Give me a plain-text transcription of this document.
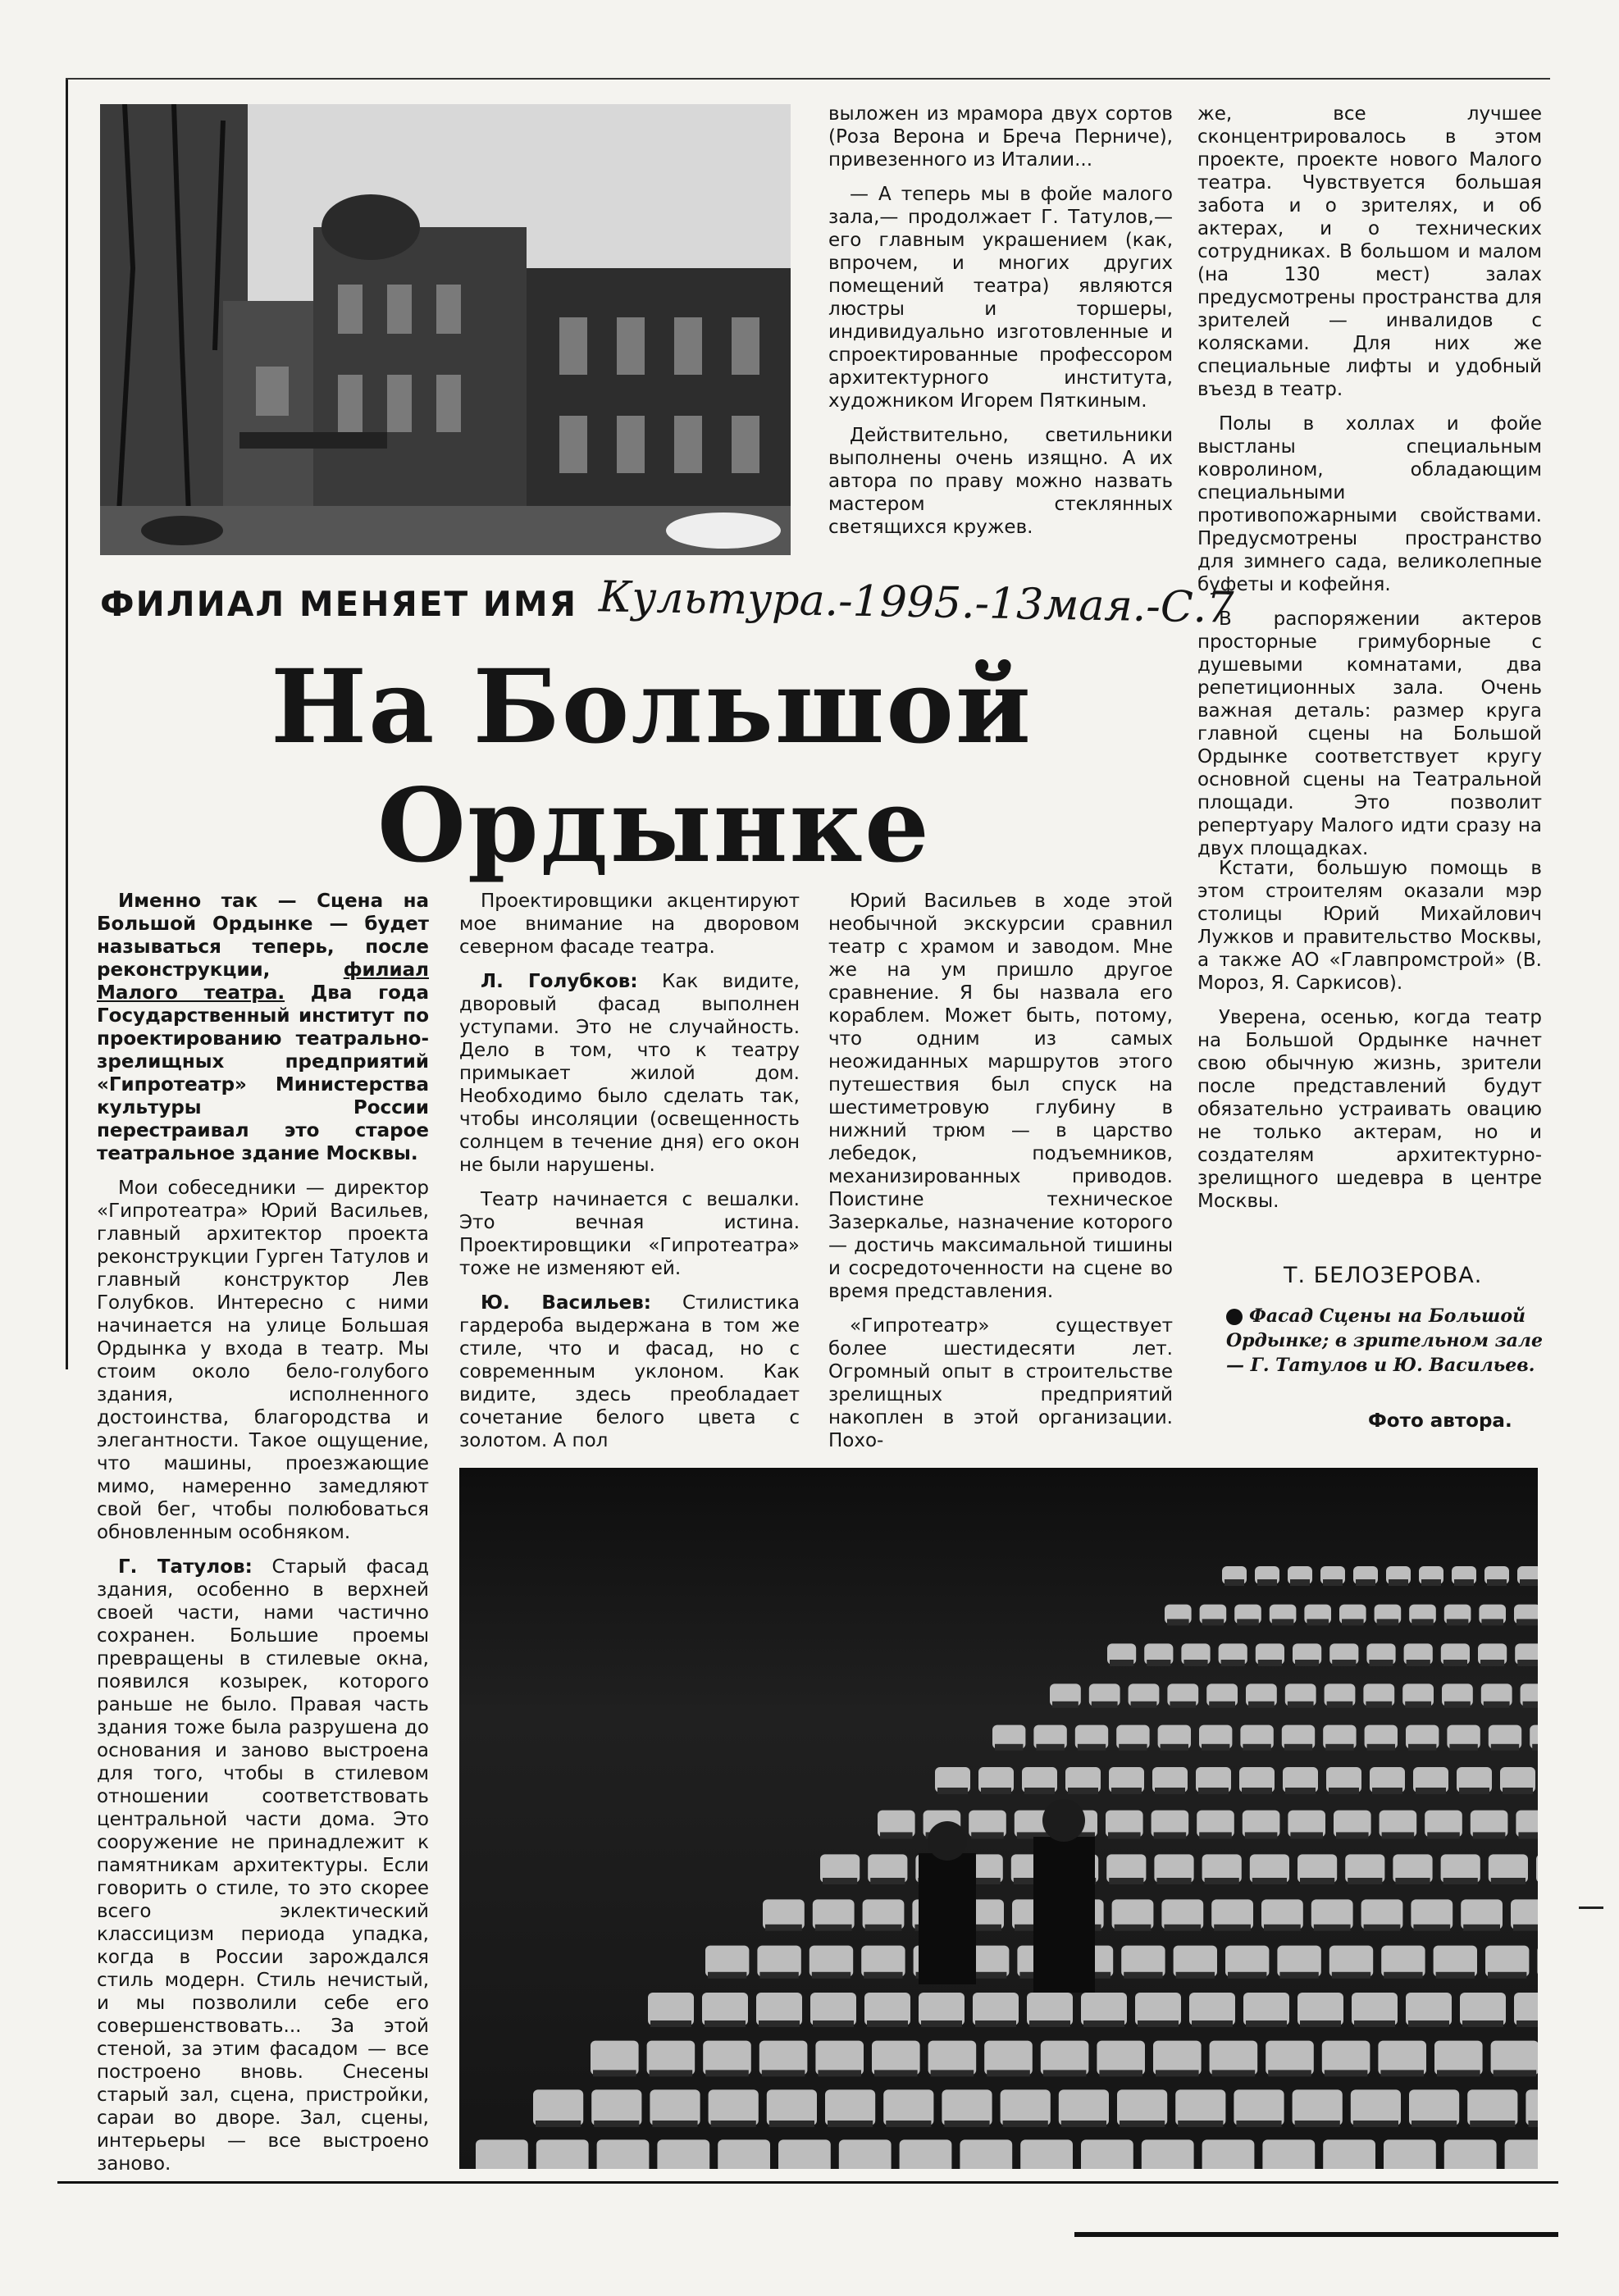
выложен из мрамора двух сортов (Роза Верона и Бреча Перниче), привезенного из Италии...

— А теперь мы в фойе малого зала,— продолжает Г. Татулов,— его главным украшением (как, впрочем, и многих других помещений театра) являются люстры и торшеры, индивидуально изготовленные и спроектированные профессором архитектурного института, художником Игорем Пяткиным.

Действительно, светильники выполнены очень изящно. А их автора по праву можно назвать мастером стеклянных светящихся кружев.

же, все лучшее сконцентрировалось в этом проекте, проекте нового Малого театра. Чувствуется большая забота и о зрителях, и об актерах, и о технических сотрудниках. В большом и малом (на 130 мест) залах предусмотрены пространства для зрителей — инвалидов с колясками. Для них же специальные лифты и удобный въезд в театр.

Полы в холлах и фойе выстланы специальным ковролином, обладающим специальными противопожарными свойствами. Предусмотрены пространство для зимнего сада, великолепные буфеты и кофейня.

В распоряжении актеров просторные гримуборные с душевыми комнатами, два репетиционных зала. Очень важная деталь: размер круга главной сцены на Большой Ордынке соответствует кругу основной сцены на Театральной площади. Это позволит репертуару Малого идти сразу на двух площадках.

ФИЛИАЛ МЕНЯЕТ ИМЯ Культура.-1995.-13мая.-С.7
На Большой
Ордынке

Именно так — Сцена на Большой Ордынке — будет называться теперь, после реконструкции, филиал Малого театра. Два года Государственный институт по проектированию театрально-зрелищных предприятий «Гипротеатр» Министерства культуры России перестраивал это старое театральное здание Москвы.

Мои собеседники — директор «Гипротеатра» Юрий Васильев, главный архитектор проекта реконструкции Гурген Татулов и главный конструктор Лев Голубков. Интересно с ними начинается на улице Большая Ордынка у входа в театр. Мы стоим около бело-голубого здания, исполненного достоинства, благородства и элегантности. Такое ощущение, что машины, проезжающие мимо, намеренно замедляют свой бег, чтобы полюбоваться обновленным особняком.

Г. Татулов: Старый фасад здания, особенно в верхней своей части, нами частично сохранен. Большие проемы превращены в стилевые окна, появился козырек, которого раньше не было. Правая часть здания тоже была разрушена до основания и заново выстроена для того, чтобы в стилевом отношении соответствовать центральной части дома. Это сооружение не принадлежит к памятникам архитектуры. Если говорить о стиле, то это скорее всего эклектический классицизм периода упадка, когда в России зарождался стиль модерн. Стиль нечистый, и мы позволили себе его совершенствовать... За этой стеной, за этим фасадом — все построено вновь. Снесены старый зал, сцена, пристройки, сараи во дворе. Зал, сцены, интерьеры — все выстроено заново.

Проектировщики акцентируют мое внимание на дворовом северном фасаде театра.

Л. Голубков: Как видите, дворовый фасад выполнен уступами. Это не случайность. Дело в том, что к театру примыкает жилой дом. Необходимо было сделать так, чтобы инсоляции (освещенность солнцем в течение дня) его окон не были нарушены.

Театр начинается с вешалки. Это вечная истина. Проектировщики «Гипротеатра» тоже не изменяют ей.

Ю. Васильев: Стилистика гардероба выдержана в том же стиле, что и фасад, но с современным уклоном. Как видите, здесь преобладает сочетание белого цвета с золотом. А пол

Юрий Васильев в ходе этой необычной экскурсии сравнил театр с храмом и заводом. Мне же на ум пришло другое сравнение. Я бы назвала его кораблем. Может быть, потому, что одним из самых неожиданных маршрутов этого путешествия был спуск на шестиметровую глубину в нижний трюм — в царство лебедок, подъемников, механизированных приводов. Поистине техническое Зазеркалье, назначение которого — достичь максимальной тишины и сосредоточенности на сцене во время представления.

«Гипротеатр» существует более шестидесяти лет. Огромный опыт в строительстве зрелищных предприятий накоплен в этой организации. Похо-

Кстати, большую помощь в этом строителям оказали мэр столицы Юрий Михайлович Лужков и правительство Москвы, а также АО «Главпромстрой» (В. Мороз, Я. Саркисов).

Уверена, осенью, когда театр на Большой Ордынке начнет свою обычную жизнь, зрители после представлений будут обязательно устраивать овацию не только актерам, но и создателям архитектурно-зрелищного шедевра в центре Москвы.

Т. БЕЛОЗЕРОВА.
Фасад Сцены на Большой Ордынке; в зрительном зале — Г. Татулов и Ю. Васильев.
Фото автора.
